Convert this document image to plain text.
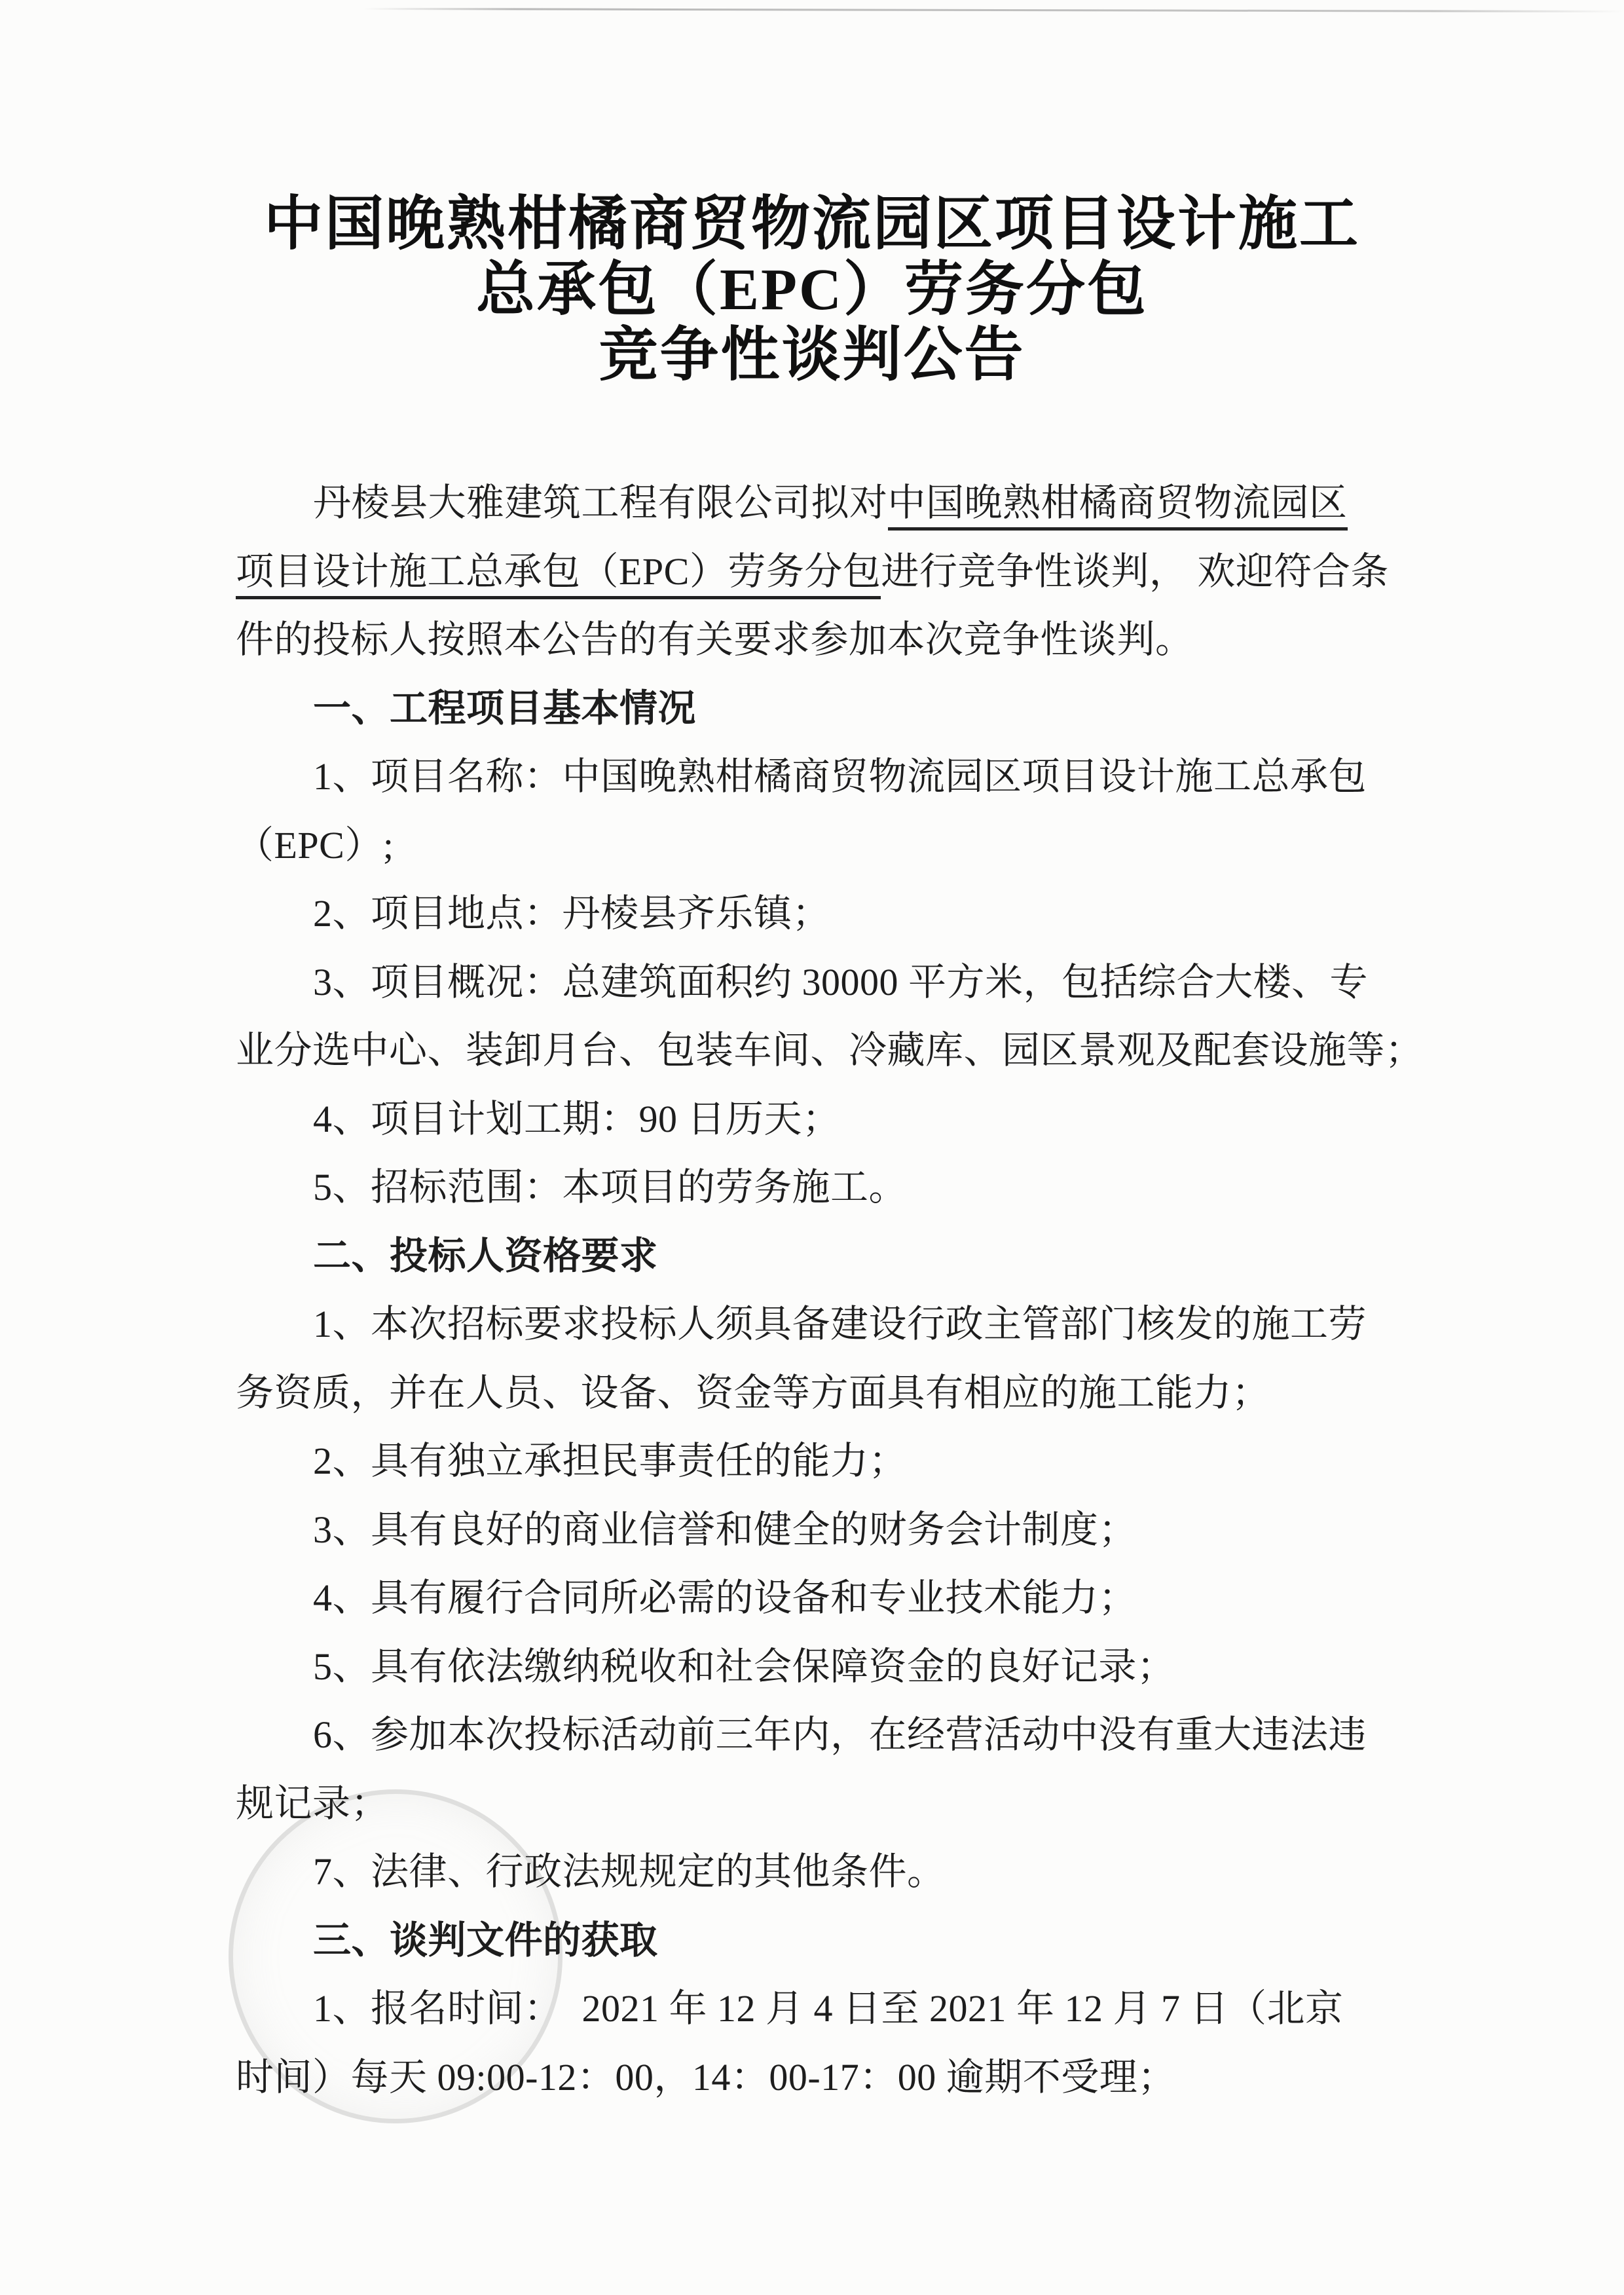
中国晚熟柑橘商贸物流园区项目设计施工
总承包（EPC）劳务分包
竞争性谈判公告
丹棱县大雅建筑工程有限公司拟对中国晚熟柑橘商贸物流园区
项目设计施工总承包（EPC）劳务分包进行竞争性谈判， 欢迎符合条
件的投标人按照本公告的有关要求参加本次竞争性谈判。
一、工程项目基本情况
1、项目名称：中国晚熟柑橘商贸物流园区项目设计施工总承包
（EPC）;
2、项目地点：丹棱县齐乐镇；
3、项目概况：总建筑面积约 30000 平方米，包括综合大楼、专
业分选中心、装卸月台、包装车间、冷藏库、园区景观及配套设施等；
4、项目计划工期：90 日历天；
5、招标范围：本项目的劳务施工。
二、投标人资格要求
1、本次招标要求投标人须具备建设行政主管部门核发的施工劳
务资质，并在人员、设备、资金等方面具有相应的施工能力；
2、具有独立承担民事责任的能力；
3、具有良好的商业信誉和健全的财务会计制度；
4、具有履行合同所必需的设备和专业技术能力；
5、具有依法缴纳税收和社会保障资金的良好记录；
6、参加本次投标活动前三年内，在经营活动中没有重大违法违
规记录；
7、法律、行政法规规定的其他条件。
三、谈判文件的获取
1、报名时间：  2021 年 12 月 4 日至 2021 年 12 月 7 日（北京
时间）每天 09:00-12：00，14：00-17：00 逾期不受理；
